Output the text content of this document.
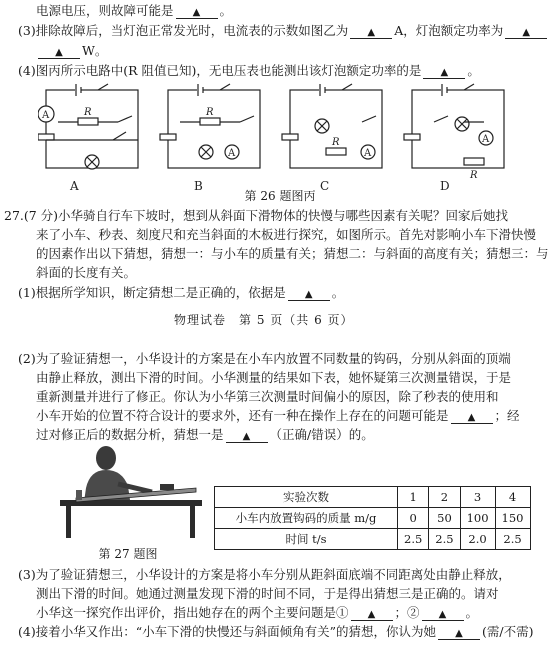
电源电压，则故障可能是 ▲ 。
(3)排除故障后，当灯泡正常发光时，电流表的示数如图乙为 ▲ A，灯泡额定功率为 ▲
▲ W。
(4)图丙所示电路中(R 阻值已知)，无电压表也能测出该灯泡额定功率的是 ▲ 。
A	R	R
A
R
A
A
R
A	B	C	D
第 26 题图丙
27.(7 分)小华骑自行车下坡时，想到从斜面下滑物体的快慢与哪些因素有关呢？回家后她找
来了小车、秒表、刻度尺和充当斜面的木板进行探究，如图所示。首先对影响小车下滑快慢
的因素作出以下猜想，猜想一：与小车的质量有关；猜想二：与斜面的高度有关；猜想三：与
斜面的长度有关。
(1)根据所学知识，断定猜想二是正确的，依据是 ▲ 。
物理试卷　第 5 页（共 6 页）
(2)为了验证猜想一，小华设计的方案是在小车内放置不同数量的钩码，分别从斜面的顶端
由静止释放，测出下滑的时间。小华测量的结果如下表，她怀疑第三次测量错误，于是
重新测量并进行了修正。你认为小华第三次测量时间偏小的原因，除了秒表的使用和
小车开始的位置不符合设计的要求外，还有一种在操作上存在的问题可能是 ▲ ；经
过对修正后的数据分析，猜想一是 ▲ （正确/错误）的。
实验次数	1	2	3	4
小车内放置钩码的质量 m/g	0	50	100	150
时间 t/s	2.5	2.5	2.0	2.5
第 27 题图
(3)为了验证猜想三，小华设计的方案是将小车分别从距斜面底端不同距离处由静止释放，
测出下滑的时间。她通过测量发现下滑的时间不同，于是得出猜想三是正确的。请对
小华这一探究作出评价，指出她存在的两个主要问题是① ▲ ；② ▲ 。
(4)接着小华又作出：“小车下滑的快慢还与斜面倾角有关”的猜想，你认为她 ▲ (需/不需)
